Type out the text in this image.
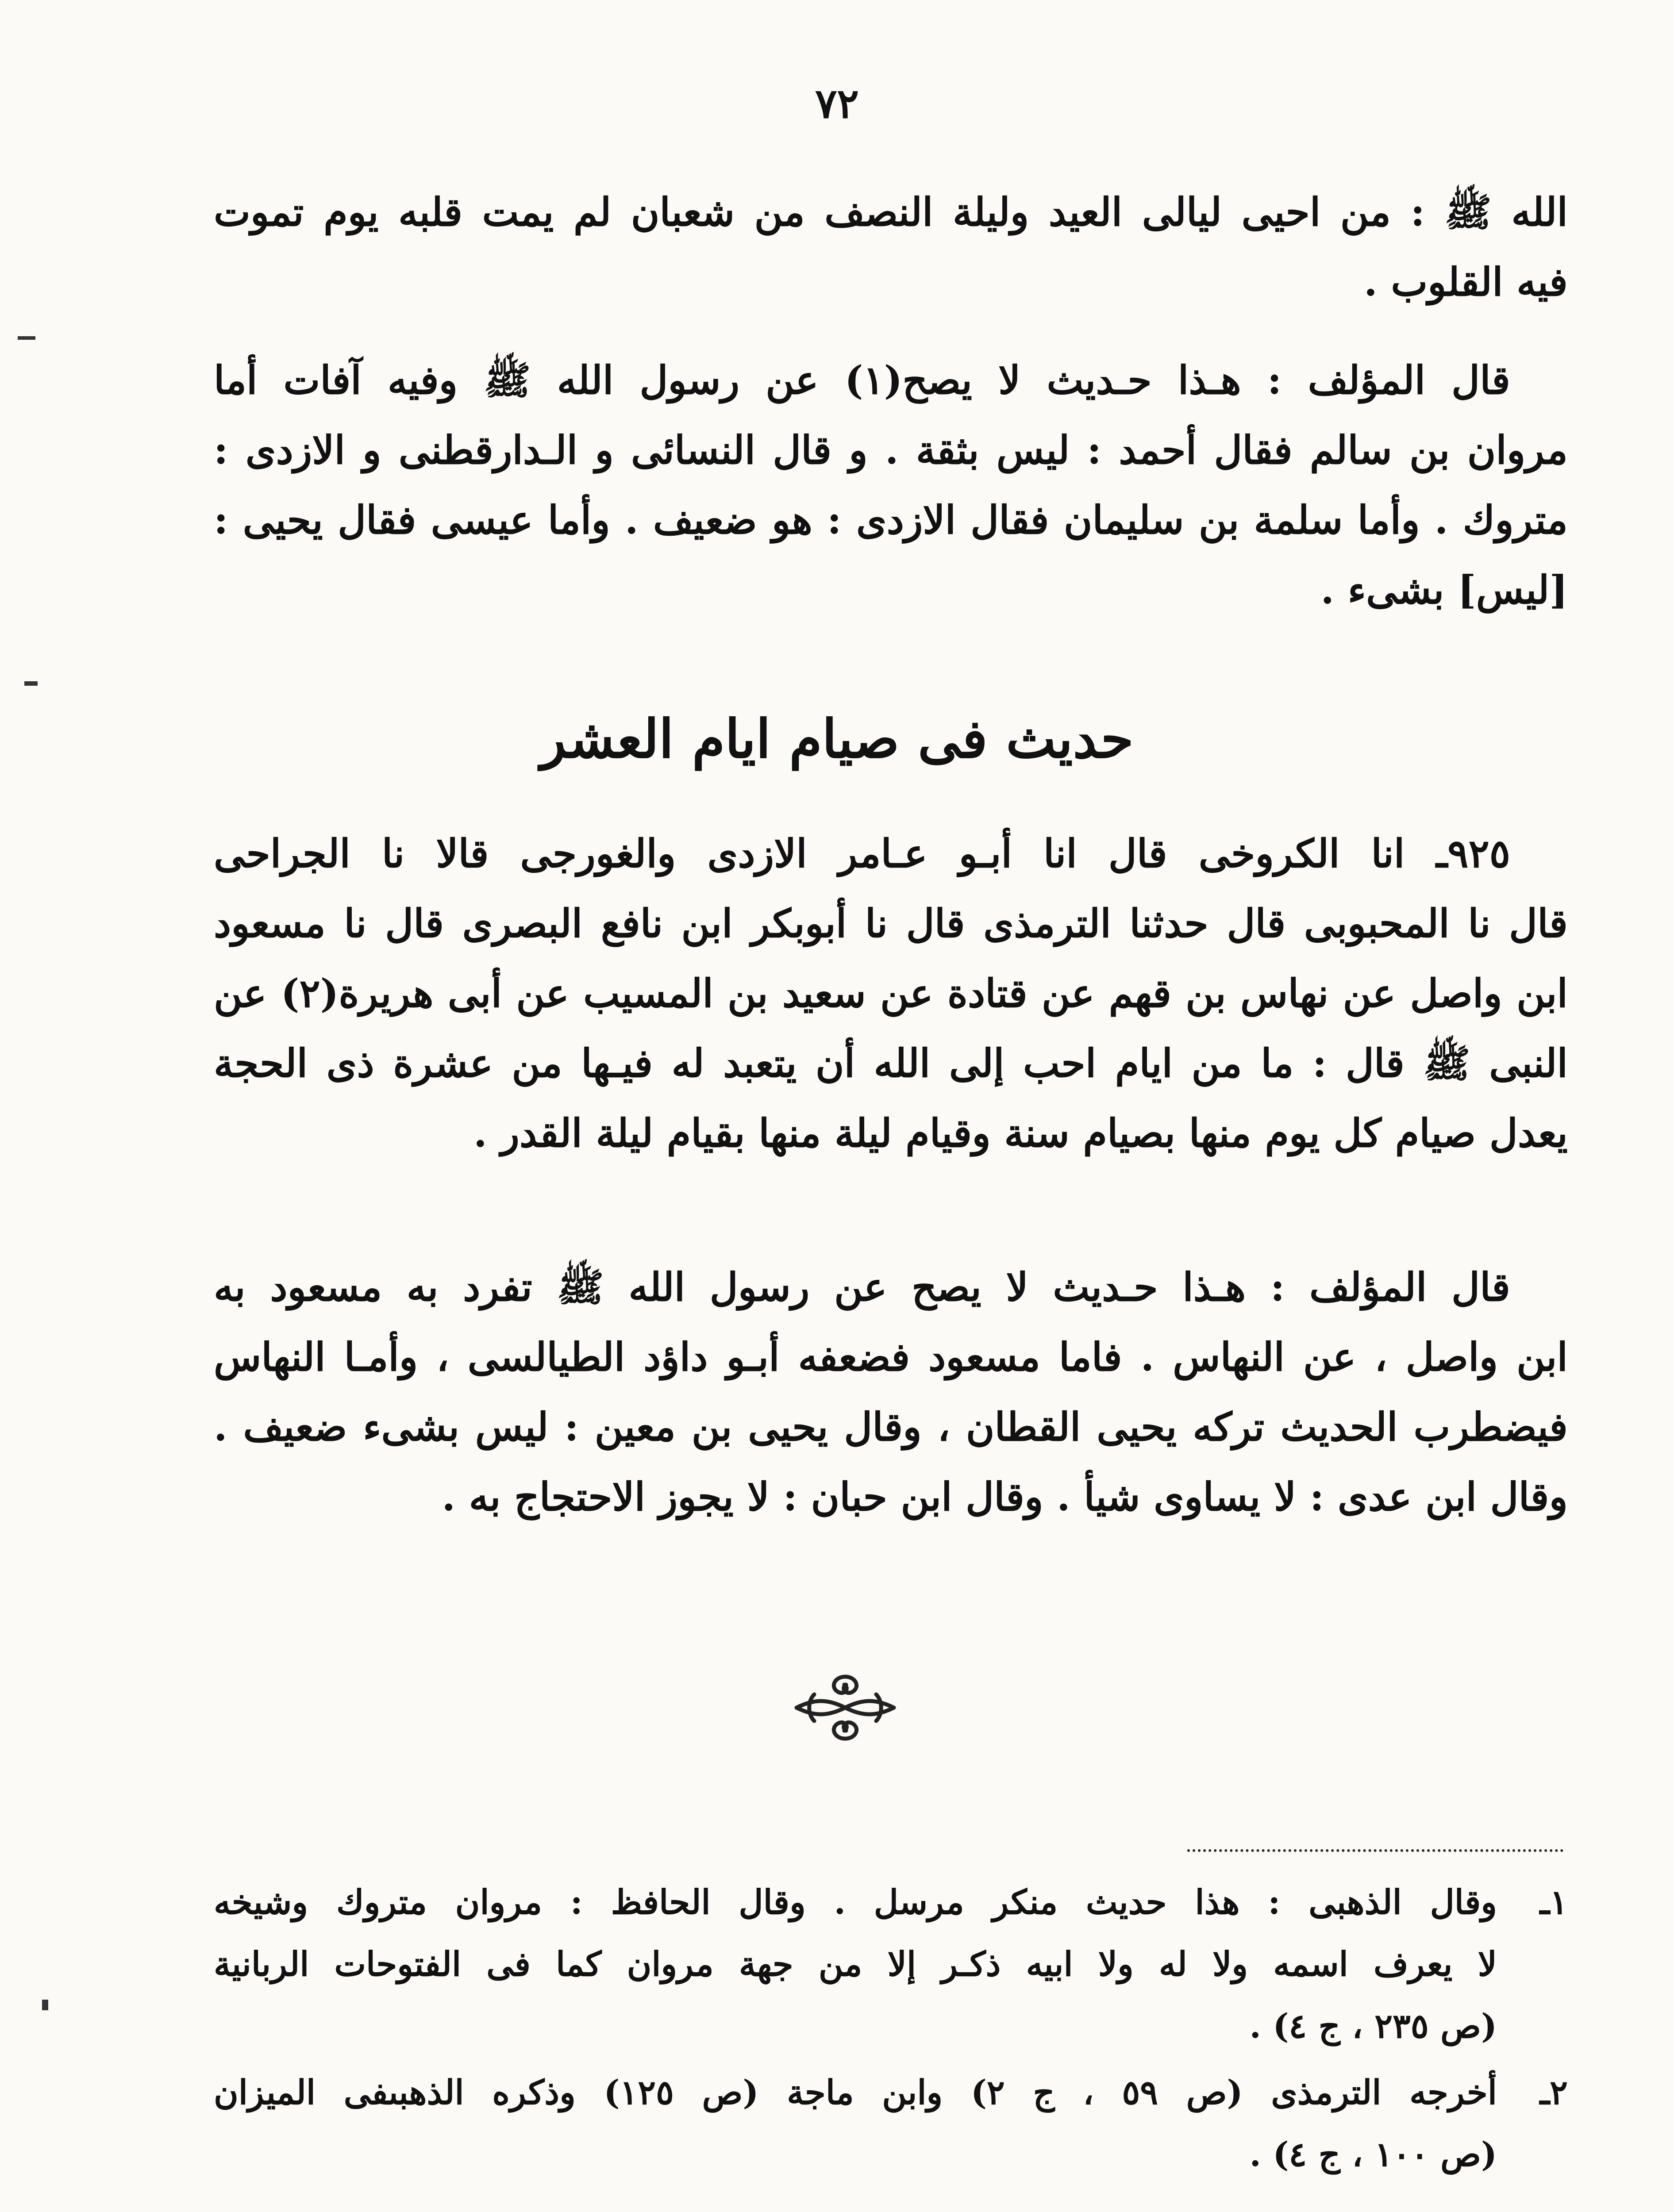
٧٢
الله ﷺ : من احيى ليالى العيد وليلة النصف من شعبان لم يمت قلبه يوم تموت
فيه القلوب .
قال المؤلف : هـذا حـديث لا يصح(١) عن رسول الله ﷺ وفيه آفات أما
مروان بن سالم فقال أحمد : ليس بثقة . و قال النسائى و الـدارقطنى و الازدى :
متروك . وأما سلمة بن سليمان فقال الازدى : هو ضعيف . وأما عيسى فقال يحيى :
[ليس] بشىء .
حديث فى صيام ايام العشر
٩٢٥ـ انا الكروخى قال انا أبـو عـامر الازدى والغورجى قالا نا الجراحى
قال نا المحبوبى قال حدثنا الترمذى قال نا أبوبكر ابن نافع البصرى قال نا مسعود
ابن واصل عن نهاس بن قهم عن قتادة عن سعيد بن المسيب عن أبى هريرة(٢) عن
النبى ﷺ قال : ما من ايام احب إلى الله أن يتعبد له فيـها من عشرة ذى الحجة
يعدل صيام كل يوم منها بصيام سنة وقيام ليلة منها بقيام ليلة القدر .
قال المؤلف : هـذا حـديث لا يصح عن رسول الله ﷺ تفرد به مسعود به
ابن واصل ، عن النهاس . فاما مسعود فضعفه أبـو داؤد الطيالسى ، وأمـا النهاس
فيضطرب الحديث تركه يحيى القطان ، وقال يحيى بن معين : ليس بشىء ضعيف .
وقال ابن عدى : لا يساوى شيأ . وقال ابن حبان : لا يجوز الاحتجاج به .
١ـ
وقال الذهبى : هذا حديث منكر مرسل . وقال الحافظ : مروان متروك وشيخه
لا يعرف اسمه ولا له ولا ابيه ذكـر إلا من جهة مروان كما فى الفتوحات الربانية
(ص ٢٣٥ ، ج ٤) .
٢ـ
أخرجه الترمذى (ص ٥٩ ، ج ٢) وابن ماجة (ص ١٢٥) وذكره الذهبىفى الميزان
(ص ١٠٠ ، ج ٤) .
